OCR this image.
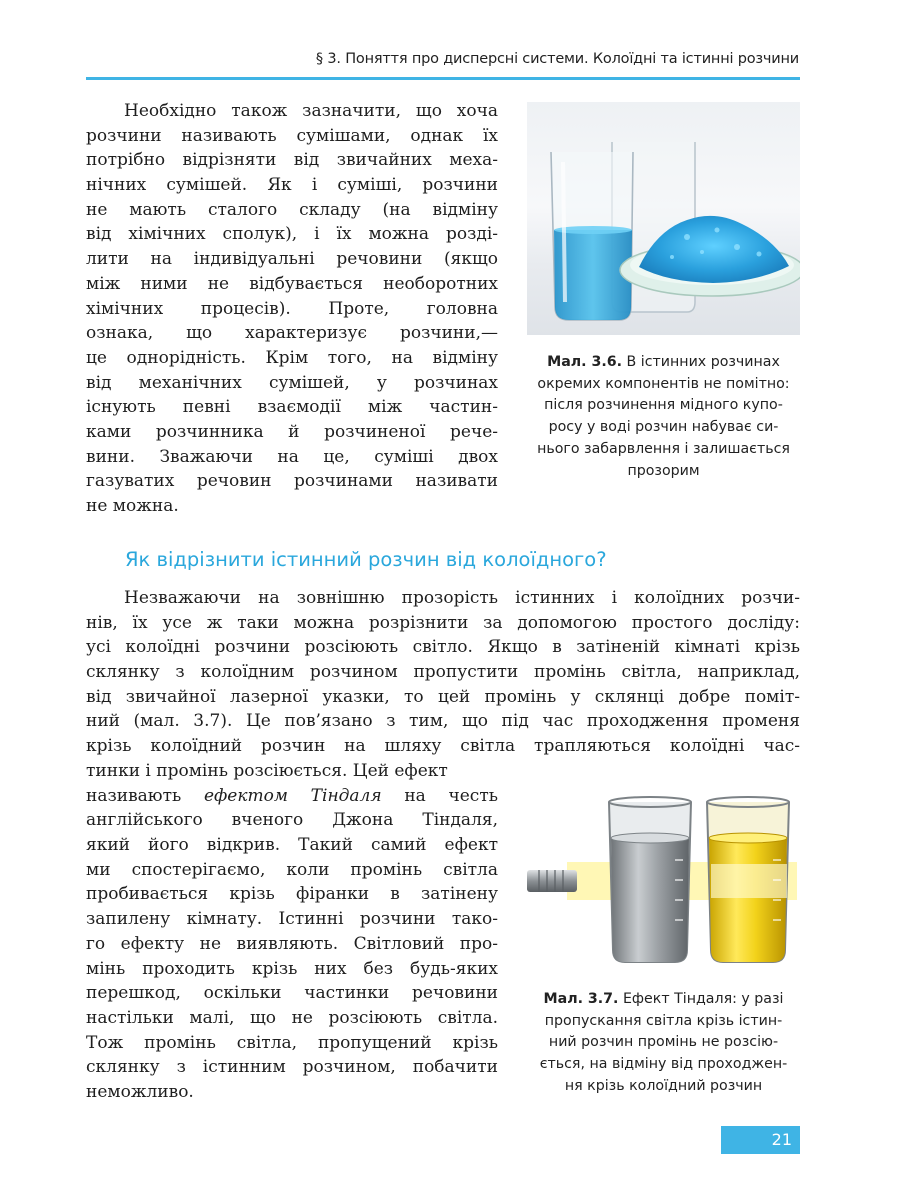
§ 3. Поняття про дисперсні системи. Колоїдні та істинні розчини

Необхідно також зазначити, що хоча

розчини називають сумішами, однак їх

потрібно відрізняти від звичайних меха-

нічних сумішей. Як і суміші, розчини

не мають сталого складу (на відміну

від хімічних сполук), і їх можна розді-

лити на індивідуальні речовини (якщо

між ними не відбувається необоротних

хімічних процесів). Проте, головна

ознака, що характеризує розчини,—

це однорідність. Крім того, на відміну

від механічних сумішей, у розчинах

існують певні взаємодії між частин-

ками розчинника й розчиненої рече-

вини. Зважаючи на це, суміші двох

газуватих речовин розчинами називати

не можна.

Мал. 3.6. В істинних розчинах
окремих компонентів не помітно:
після розчинення мідного купо-
росу у воді розчин набуває си-
нього забарвлення і залишається
прозорим
Як відрізнити істинний розчин від колоїдного?

Незважаючи на зовнішню прозорість істинних і колоїдних розчи-

нів, їх усе ж таки можна розрізнити за допомогою простого досліду:

усі колоїдні розчини розсіюють світло. Якщо в затіненій кімнаті крізь

склянку з колоїдним розчином пропустити промінь світла, наприклад,

від звичайної лазерної указки, то цей промінь у склянці добре поміт-

ний (мал. 3.7). Це пов’язано з тим, що під час проходження променя

крізь колоїдний розчин на шляху світла трапляються колоїдні час-

тинки і промінь розсіюється. Цей ефект

називають ефектом Тіндаля на честь

англійського вченого Джона Тіндаля,

який його відкрив. Такий самий ефект

ми спостерігаємо, коли промінь світла

пробивається крізь фіранки в затінену

запилену кімнату. Істинні розчини тако-

го ефекту не виявляють. Світловий про-

мінь проходить крізь них без будь-яких

перешкод, оскільки частинки речовини

настільки малі, що не розсіюють світла.

Тож промінь світла, пропущений крізь

склянку з істинним розчином, побачити

неможливо.

Мал. 3.7. Ефект Тіндаля: у разі
пропускання світла крізь істин-
ний розчин промінь не розсію-
ється, на відміну від проходжен-
ня крізь колоїдний розчин
21
